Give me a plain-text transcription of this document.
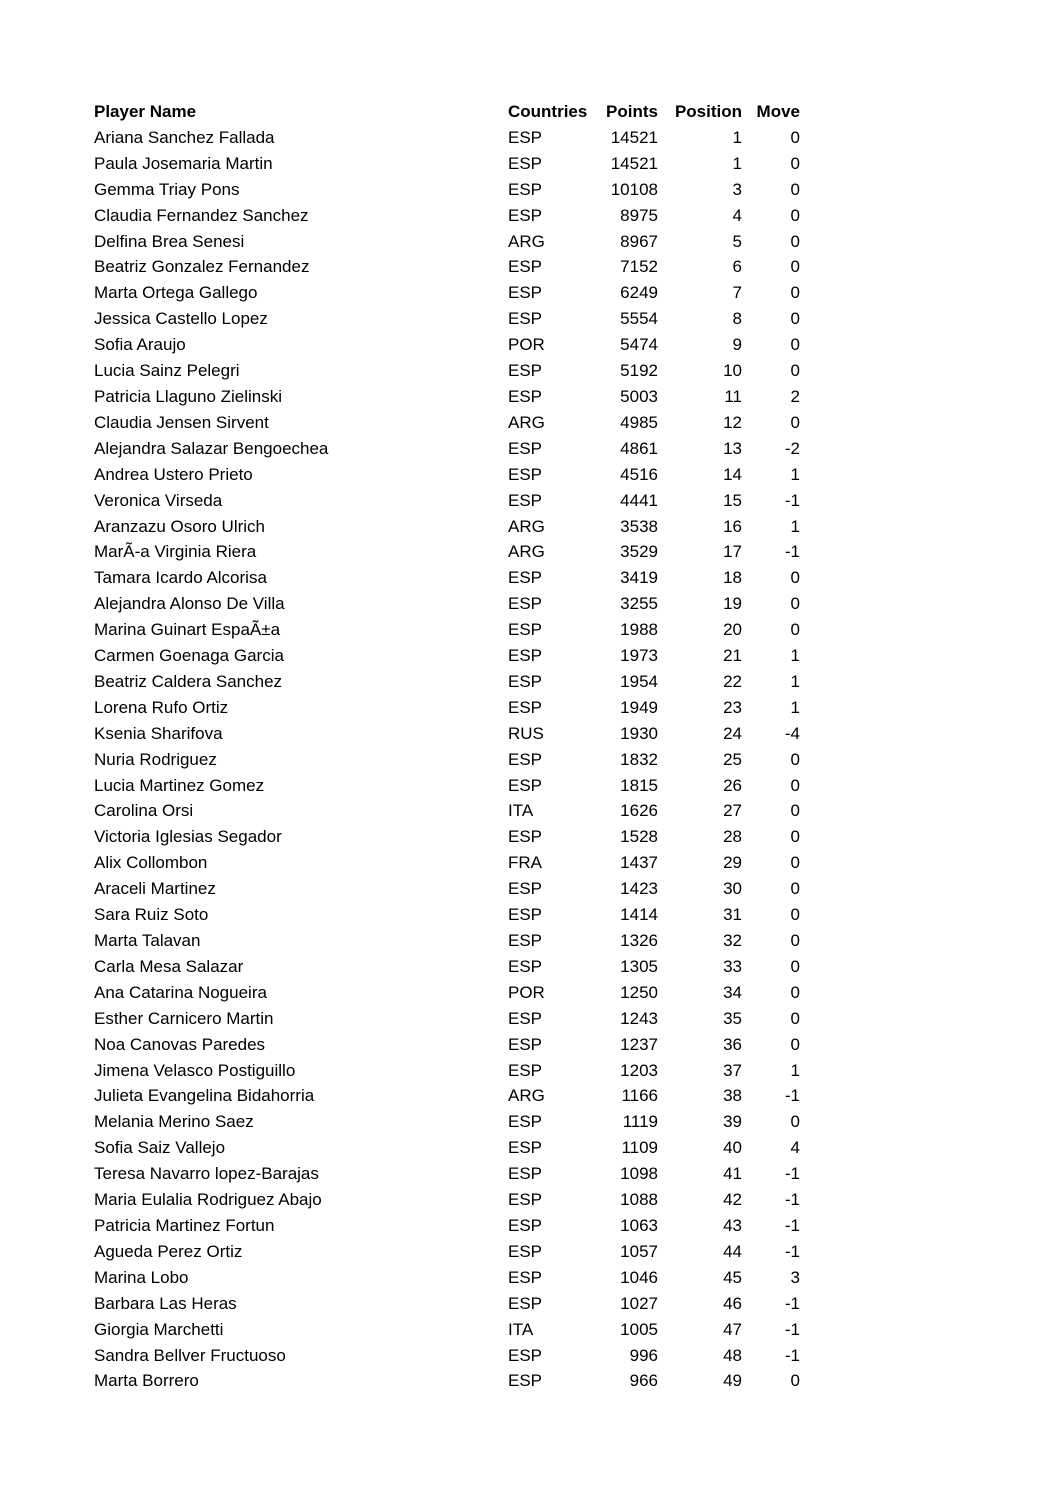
Player Name	Countries	Points	Position	Move
Ariana Sanchez Fallada	ESP	14521	1	0
Paula Josemaria Martin	ESP	14521	1	0
Gemma Triay Pons	ESP	10108	3	0
Claudia Fernandez Sanchez	ESP	8975	4	0
Delfina Brea Senesi	ARG	8967	5	0
Beatriz Gonzalez Fernandez	ESP	7152	6	0
Marta Ortega Gallego	ESP	6249	7	0
Jessica Castello Lopez	ESP	5554	8	0
Sofia Araujo	POR	5474	9	0
Lucia Sainz Pelegri	ESP	5192	10	0
Patricia Llaguno Zielinski	ESP	5003	11	2
Claudia Jensen Sirvent	ARG	4985	12	0
Alejandra Salazar Bengoechea	ESP	4861	13	-2
Andrea Ustero Prieto	ESP	4516	14	1
Veronica Virseda	ESP	4441	15	-1
Aranzazu Osoro Ulrich	ARG	3538	16	1
MarÃ-a Virginia Riera	ARG	3529	17	-1
Tamara Icardo Alcorisa	ESP	3419	18	0
Alejandra Alonso De Villa	ESP	3255	19	0
Marina Guinart EspaÃ±a	ESP	1988	20	0
Carmen Goenaga Garcia	ESP	1973	21	1
Beatriz Caldera Sanchez	ESP	1954	22	1
Lorena Rufo Ortiz	ESP	1949	23	1
Ksenia Sharifova	RUS	1930	24	-4
Nuria Rodriguez	ESP	1832	25	0
Lucia Martinez Gomez	ESP	1815	26	0
Carolina Orsi	ITA	1626	27	0
Victoria Iglesias Segador	ESP	1528	28	0
Alix Collombon	FRA	1437	29	0
Araceli Martinez	ESP	1423	30	0
Sara Ruiz Soto	ESP	1414	31	0
Marta Talavan	ESP	1326	32	0
Carla Mesa Salazar	ESP	1305	33	0
Ana Catarina Nogueira	POR	1250	34	0
Esther Carnicero Martin	ESP	1243	35	0
Noa Canovas Paredes	ESP	1237	36	0
Jimena Velasco Postiguillo	ESP	1203	37	1
Julieta Evangelina Bidahorria	ARG	1166	38	-1
Melania Merino Saez	ESP	1119	39	0
Sofia Saiz Vallejo	ESP	1109	40	4
Teresa Navarro lopez-Barajas	ESP	1098	41	-1
Maria Eulalia Rodriguez Abajo	ESP	1088	42	-1
Patricia Martinez Fortun	ESP	1063	43	-1
Agueda Perez Ortiz	ESP	1057	44	-1
Marina Lobo	ESP	1046	45	3
Barbara Las Heras	ESP	1027	46	-1
Giorgia Marchetti	ITA	1005	47	-1
Sandra Bellver Fructuoso	ESP	996	48	-1
Marta Borrero	ESP	966	49	0
